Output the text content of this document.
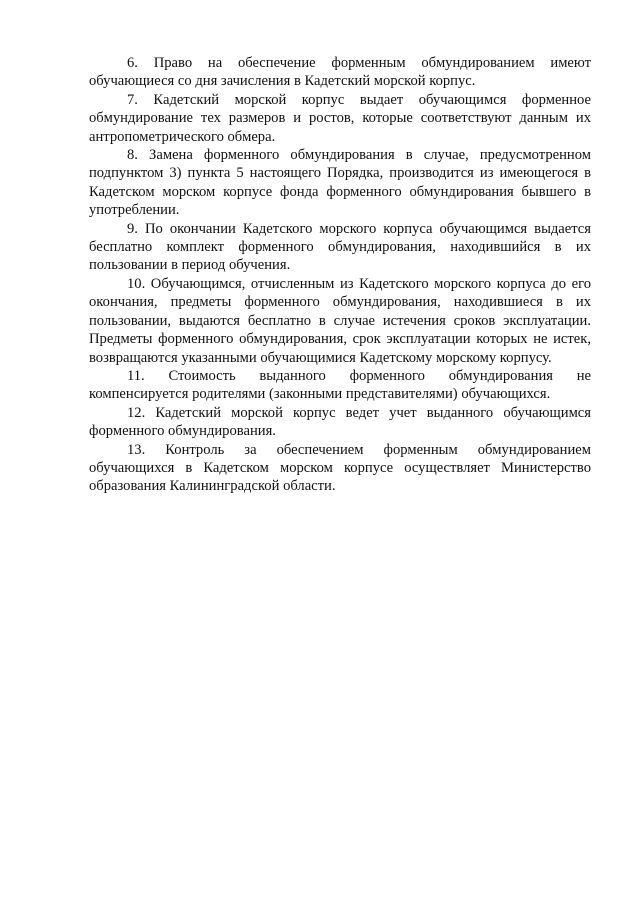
6. Право на обеспечение форменным обмундированием имеют обучающиеся со дня зачисления в Кадетский морской корпус.

7. Кадетский морской корпус выдает обучающимся форменное обмундирование тех размеров и ростов, которые соответствуют данным их антропометрического обмера.

8. Замена форменного обмундирования в случае, предусмотренном подпунктом 3) пункта 5 настоящего Порядка, производится из имеющегося в Кадетском морском корпусе фонда форменного обмундирования бывшего в употреблении.

9. По окончании Кадетского морского корпуса обучающимся выдается бесплатно комплект форменного обмундирования, находившийся в их пользовании в период обучения.

10. Обучающимся, отчисленным из Кадетского морского корпуса до его окончания, предметы форменного обмундирования, находившиеся в их пользовании, выдаются бесплатно в случае истечения сроков эксплуатации. Предметы форменного обмундирования, срок эксплуатации которых не истек, возвращаются указанными обучающимися Кадетскому морскому корпусу.

11. Стоимость выданного форменного обмундирования не компенсируется родителями (законными представителями) обучающихся.

12. Кадетский морской корпус ведет учет выданного обучающимся форменного обмундирования.

13. Контроль за обеспечением форменным обмундированием обучающихся в Кадетском морском корпусе осуществляет Министерство образования Калининградской области.
